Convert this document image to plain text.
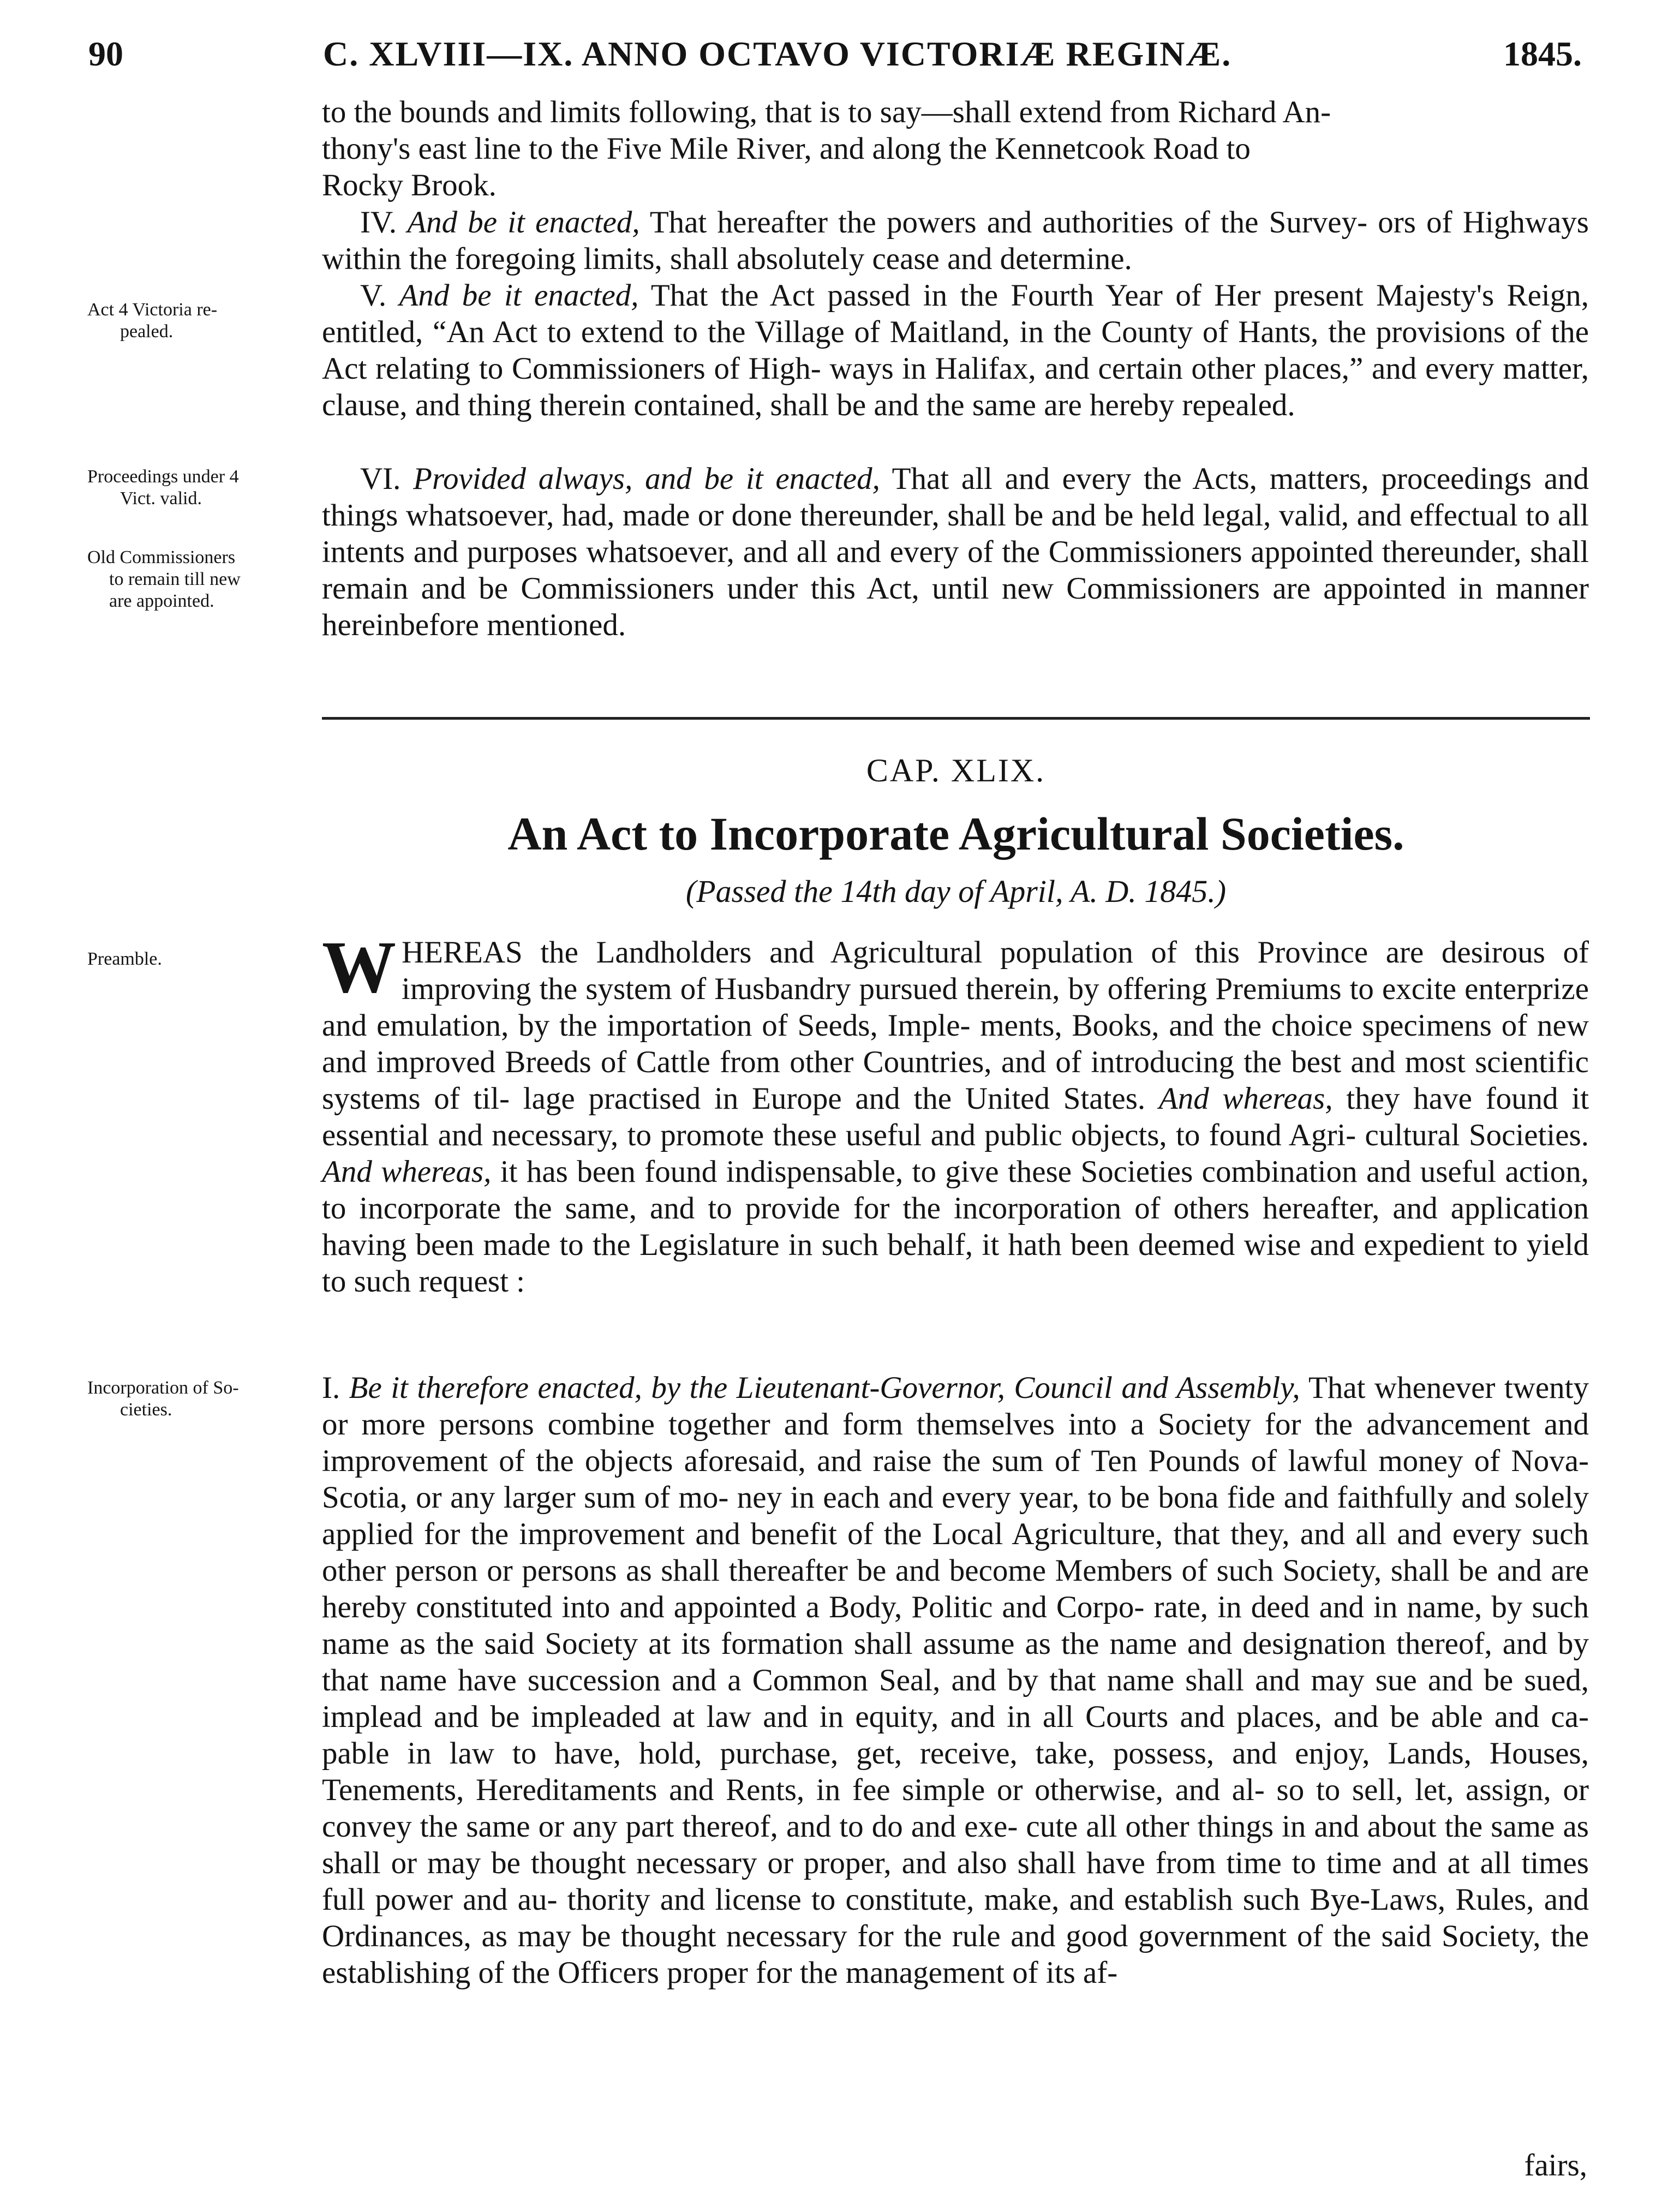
90	C. XLVIII—IX. ANNO OCTAVO VICTORIÆ REGINÆ.	1845.
to the bounds and limits following, that is to say—shall extend from Richard An-
thony's east line to the Five Mile River, and along the Kennetcook Road to
Rocky Brook.

IV. And be it enacted, That hereafter the powers and authorities of the Survey- ors of Highways within the foregoing limits, shall absolutely cease and determine.

V. And be it enacted, That the Act passed in the Fourth Year of Her present Majesty's Reign, entitled, “An Act to extend to the Village of Maitland, in the County of Hants, the provisions of the Act relating to Commissioners of High- ways in Halifax, and certain other places,” and every matter, clause, and thing therein contained, shall be and the same are hereby repealed.

VI. Provided always, and be it enacted, That all and every the Acts, matters, proceedings and things whatsoever, had, made or done thereunder, shall be and be held legal, valid, and effectual to all intents and purposes whatsoever, and all and every of the Commissioners appointed thereunder, shall remain and be Commissioners under this Act, until new Commissioners are appointed in manner hereinbefore mentioned.

Act 4 Victoria re-
pealed.
Proceedings under 4
Vict. valid.
Old Commissioners
to remain till new
are appointed.
CAP. XLIX.
An Act to Incorporate Agricultural Societies.
(Passed the 14th day of April, A. D. 1845.)
Preamble.	W HEREAS the Landholders and Agricultural population of this Province are desirous of improving the system of Husbandry pursued therein, by offering Premiums to excite enterprize and emulation, by the importation of Seeds, Imple- ments, Books, and the choice specimens of new and improved Breeds of Cattle from other Countries, and of introducing the best and most scientific systems of til- lage practised in Europe and the United States. And whereas, they have found it essential and necessary, to promote these useful and public objects, to found Agri- cultural Societies. And whereas, it has been found indispensable, to give these Societies combination and useful action, to incorporate the same, and to provide for the incorporation of others hereafter, and application having been made to the Legislature in such behalf, it hath been deemed wise and expedient to yield to such request :

Incorporation of So-
cieties.

I. Be it therefore enacted, by the Lieutenant-Governor, Council and Assembly, That whenever twenty or more persons combine together and form themselves into a Society for the advancement and improvement of the objects aforesaid, and raise the sum of Ten Pounds of lawful money of Nova-Scotia, or any larger sum of mo- ney in each and every year, to be bona fide and faithfully and solely applied for the improvement and benefit of the Local Agriculture, that they, and all and every such other person or persons as shall thereafter be and become Members of such Society, shall be and are hereby constituted into and appointed a Body, Politic and Corpo- rate, in deed and in name, by such name as the said Society at its formation shall assume as the name and designation thereof, and by that name have succession and a Common Seal, and by that name shall and may sue and be sued, implead and be impleaded at law and in equity, and in all Courts and places, and be able and ca- pable in law to have, hold, purchase, get, receive, take, possess, and enjoy, Lands, Houses, Tenements, Hereditaments and Rents, in fee simple or otherwise, and al- so to sell, let, assign, or convey the same or any part thereof, and to do and exe- cute all other things in and about the same as shall or may be thought necessary or proper, and also shall have from time to time and at all times full power and au- thority and license to constitute, make, and establish such Bye-Laws, Rules, and Ordinances, as may be thought necessary for the rule and good government of the said Society, the establishing of the Officers proper for the management of its af-

fairs,
